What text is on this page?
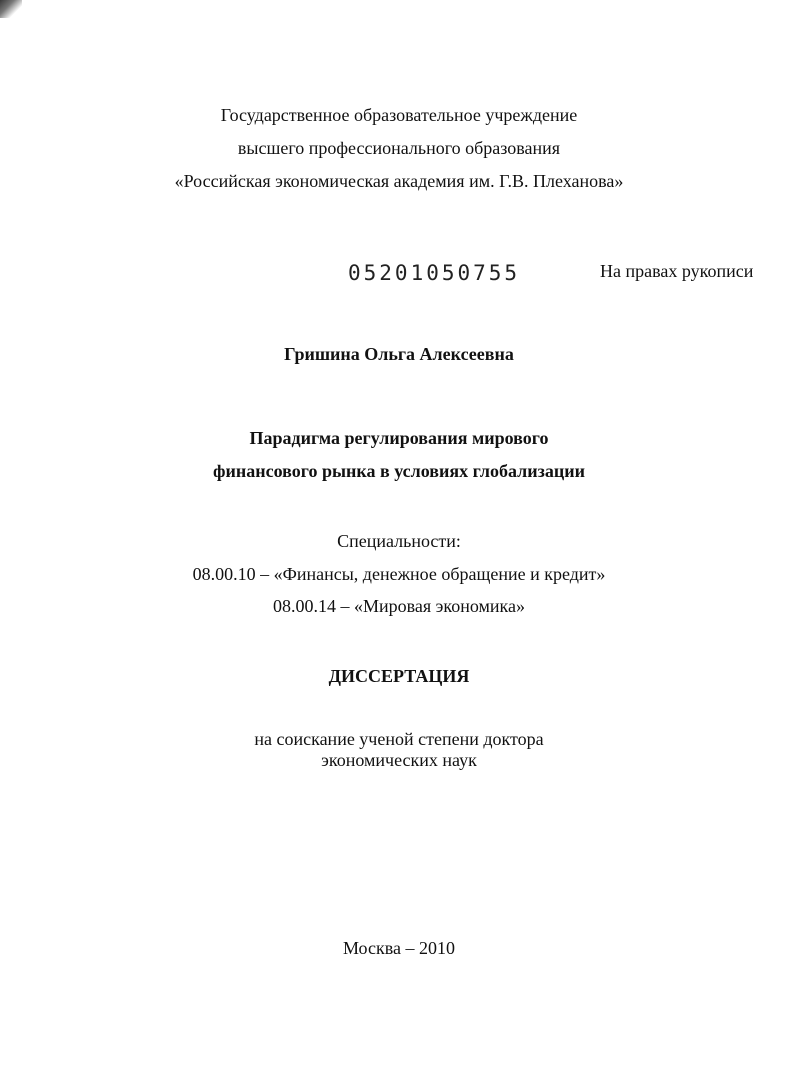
Государственное образовательное учреждение
высшего профессионального образования
«Российская экономическая академия им. Г.В. Плеханова»
05201050755	На правах рукописи
Гришина Ольга Алексеевна
Парадигма регулирования мирового
финансового рынка в условиях глобализации
Специальности:
08.00.10 – «Финансы, денежное обращение и кредит»
08.00.14 – «Мировая экономика»
ДИССЕРТАЦИЯ
на соискание ученой степени доктора
экономических наук
Москва – 2010
